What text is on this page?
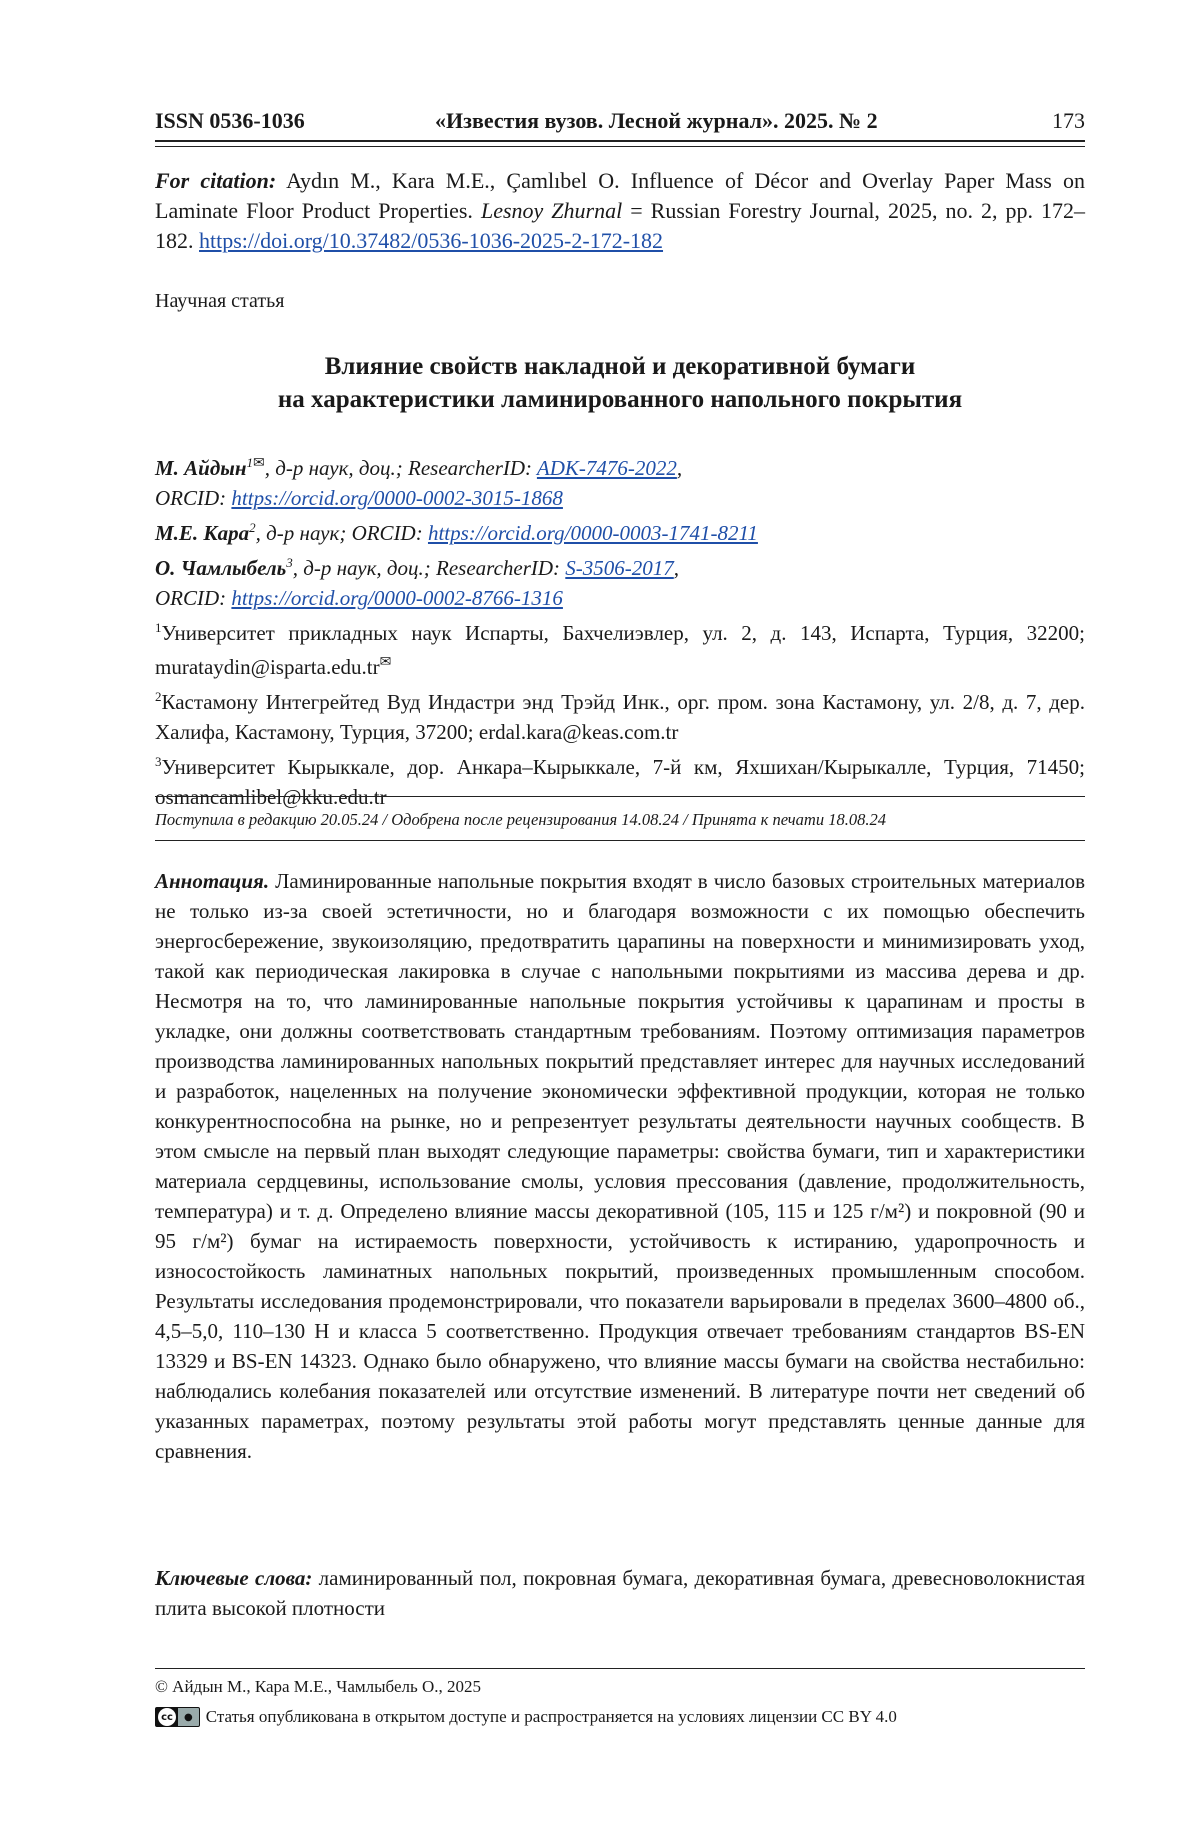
ISSN 0536-1036	«Известия вузов. Лесной журнал». 2025. № 2	173
For citation: Aydın M., Kara M.E., Çamlıbel O. Influence of Décor and Overlay Paper Mass on Laminate Floor Product Properties. Lesnoy Zhurnal = Russian Forestry Journal, 2025, no. 2, pp. 172–182. https://doi.org/10.37482/0536-1036-2025-2-172-182
Научная статья
Влияние свойств накладной и декоративной бумаги
на характеристики ламинированного напольного покрытия
М. Айдын1✉, д-р наук, доц.; ResearcherID: ADK-7476-2022,
ORCID: https://orcid.org/0000-0002-3015-1868
М.Е. Кара2, д-р наук; ORCID: https://orcid.org/0000-0003-1741-8211
О. Чамлыбель3, д-р наук, доц.; ResearcherID: S-3506-2017,
ORCID: https://orcid.org/0000-0002-8766-1316
1Университет прикладных наук Испарты, Бахчелиэвлер, ул. 2, д. 143, Испарта, Турция, 32200; murataydin@isparta.edu.tr✉
2Кастамону Интегрейтед Вуд Индастри энд Трэйд Инк., орг. пром. зона Кастамону, ул. 2/8, д. 7, дер. Халифа, Кастамону, Турция, 37200; erdal.kara@keas.com.tr
3Университет Кырыккале, дор. Анкара–Кырыккале, 7-й км, Яхшихан/Кырыкалле, Турция, 71450; osmancamlibel@kku.edu.tr
Поступила в редакцию 20.05.24 / Одобрена после рецензирования 14.08.24 / Принята к печати 18.08.24
Аннотация. Ламинированные напольные покрытия входят в число базовых строительных материалов не только из-за своей эстетичности, но и благодаря возможности с их помощью обеспечить энергосбережение, звукоизоляцию, предотвратить царапины на поверхности и минимизировать уход, такой как периодическая лакировка в случае с напольными покрытиями из массива дерева и др. Несмотря на то, что ламинированные напольные покрытия устойчивы к царапинам и просты в укладке, они должны соответствовать стандартным требованиям. Поэтому оптимизация параметров производства ламинированных напольных покрытий представляет интерес для научных исследований и разработок, нацеленных на получение экономически эффективной продукции, которая не только конкурентноспособна на рынке, но и репрезентует результаты деятельности научных сообществ. В этом смысле на первый план выходят следующие параметры: свойства бумаги, тип и характеристики материала сердцевины, использование смолы, условия прессования (давление, продолжительность, температура) и т. д. Определено влияние массы декоративной (105, 115 и 125 г/м²) и покровной (90 и 95 г/м²) бумаг на истираемость поверхности, устойчивость к истиранию, ударопрочность и износостойкость ламинатных напольных покрытий, произведенных промышленным способом. Результаты исследования продемонстрировали, что показатели варьировали в пределах 3600–4800 об., 4,5–5,0, 110–130 Н и класса 5 соответственно. Продукция отвечает требованиям стандартов BS-EN 13329 и BS-EN 14323. Однако было обнаружено, что влияние массы бумаги на свойства нестабильно: наблюдались колебания показателей или отсутствие изменений. В литературе почти нет сведений об указанных параметрах, поэтому результаты этой работы могут представлять ценные данные для сравнения.
Ключевые слова: ламинированный пол, покровная бумага, декоративная бумага, древесноволокнистая плита высокой плотности
© Айдын М., Кара М.Е., Чамлыбель О., 2025
cc	● Статья опубликована в открытом доступе и распространяется на условиях лицензии CC BY 4.0
